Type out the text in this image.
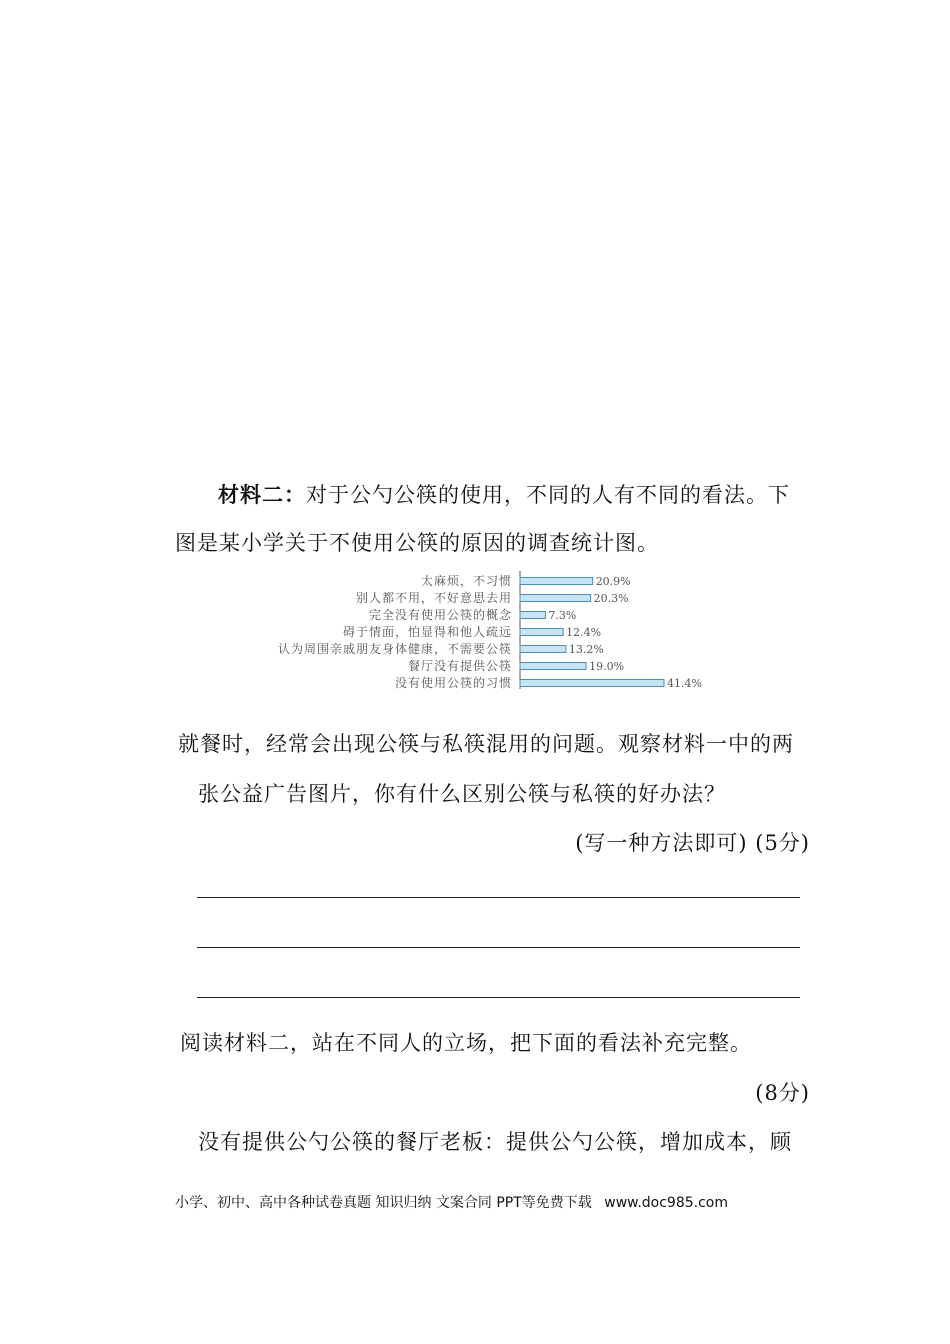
材料二：对于公勺公筷的使用，不同的人有不同的看法。下
图是某小学关于不使用公筷的原因的调查统计图。
太麻烦，不习惯	20.9%
别人都不用，不好意思去用	20.3%
完全没有使用公筷的概念	7.3%
碍于情面，怕显得和他人疏远	12.4%
认为周围亲戚朋友身体健康，不需要公筷	13.2%
餐厅没有提供公筷	19.0%
没有使用公筷的习惯	41.4%
就餐时，经常会出现公筷与私筷混用的问题。观察材料一中的两
张公益广告图片，你有什么区别公筷与私筷的好办法？
(写一种方法即可) (5分)
阅读材料二，站在不同人的立场，把下面的看法补充完整。
(8分)
没有提供公勺公筷的餐厅老板：提供公勺公筷，增加成本，顾
小学、初中、高中各种试卷真题 知识归纳 文案合同 PPT等免费下载 www.doc985.com
